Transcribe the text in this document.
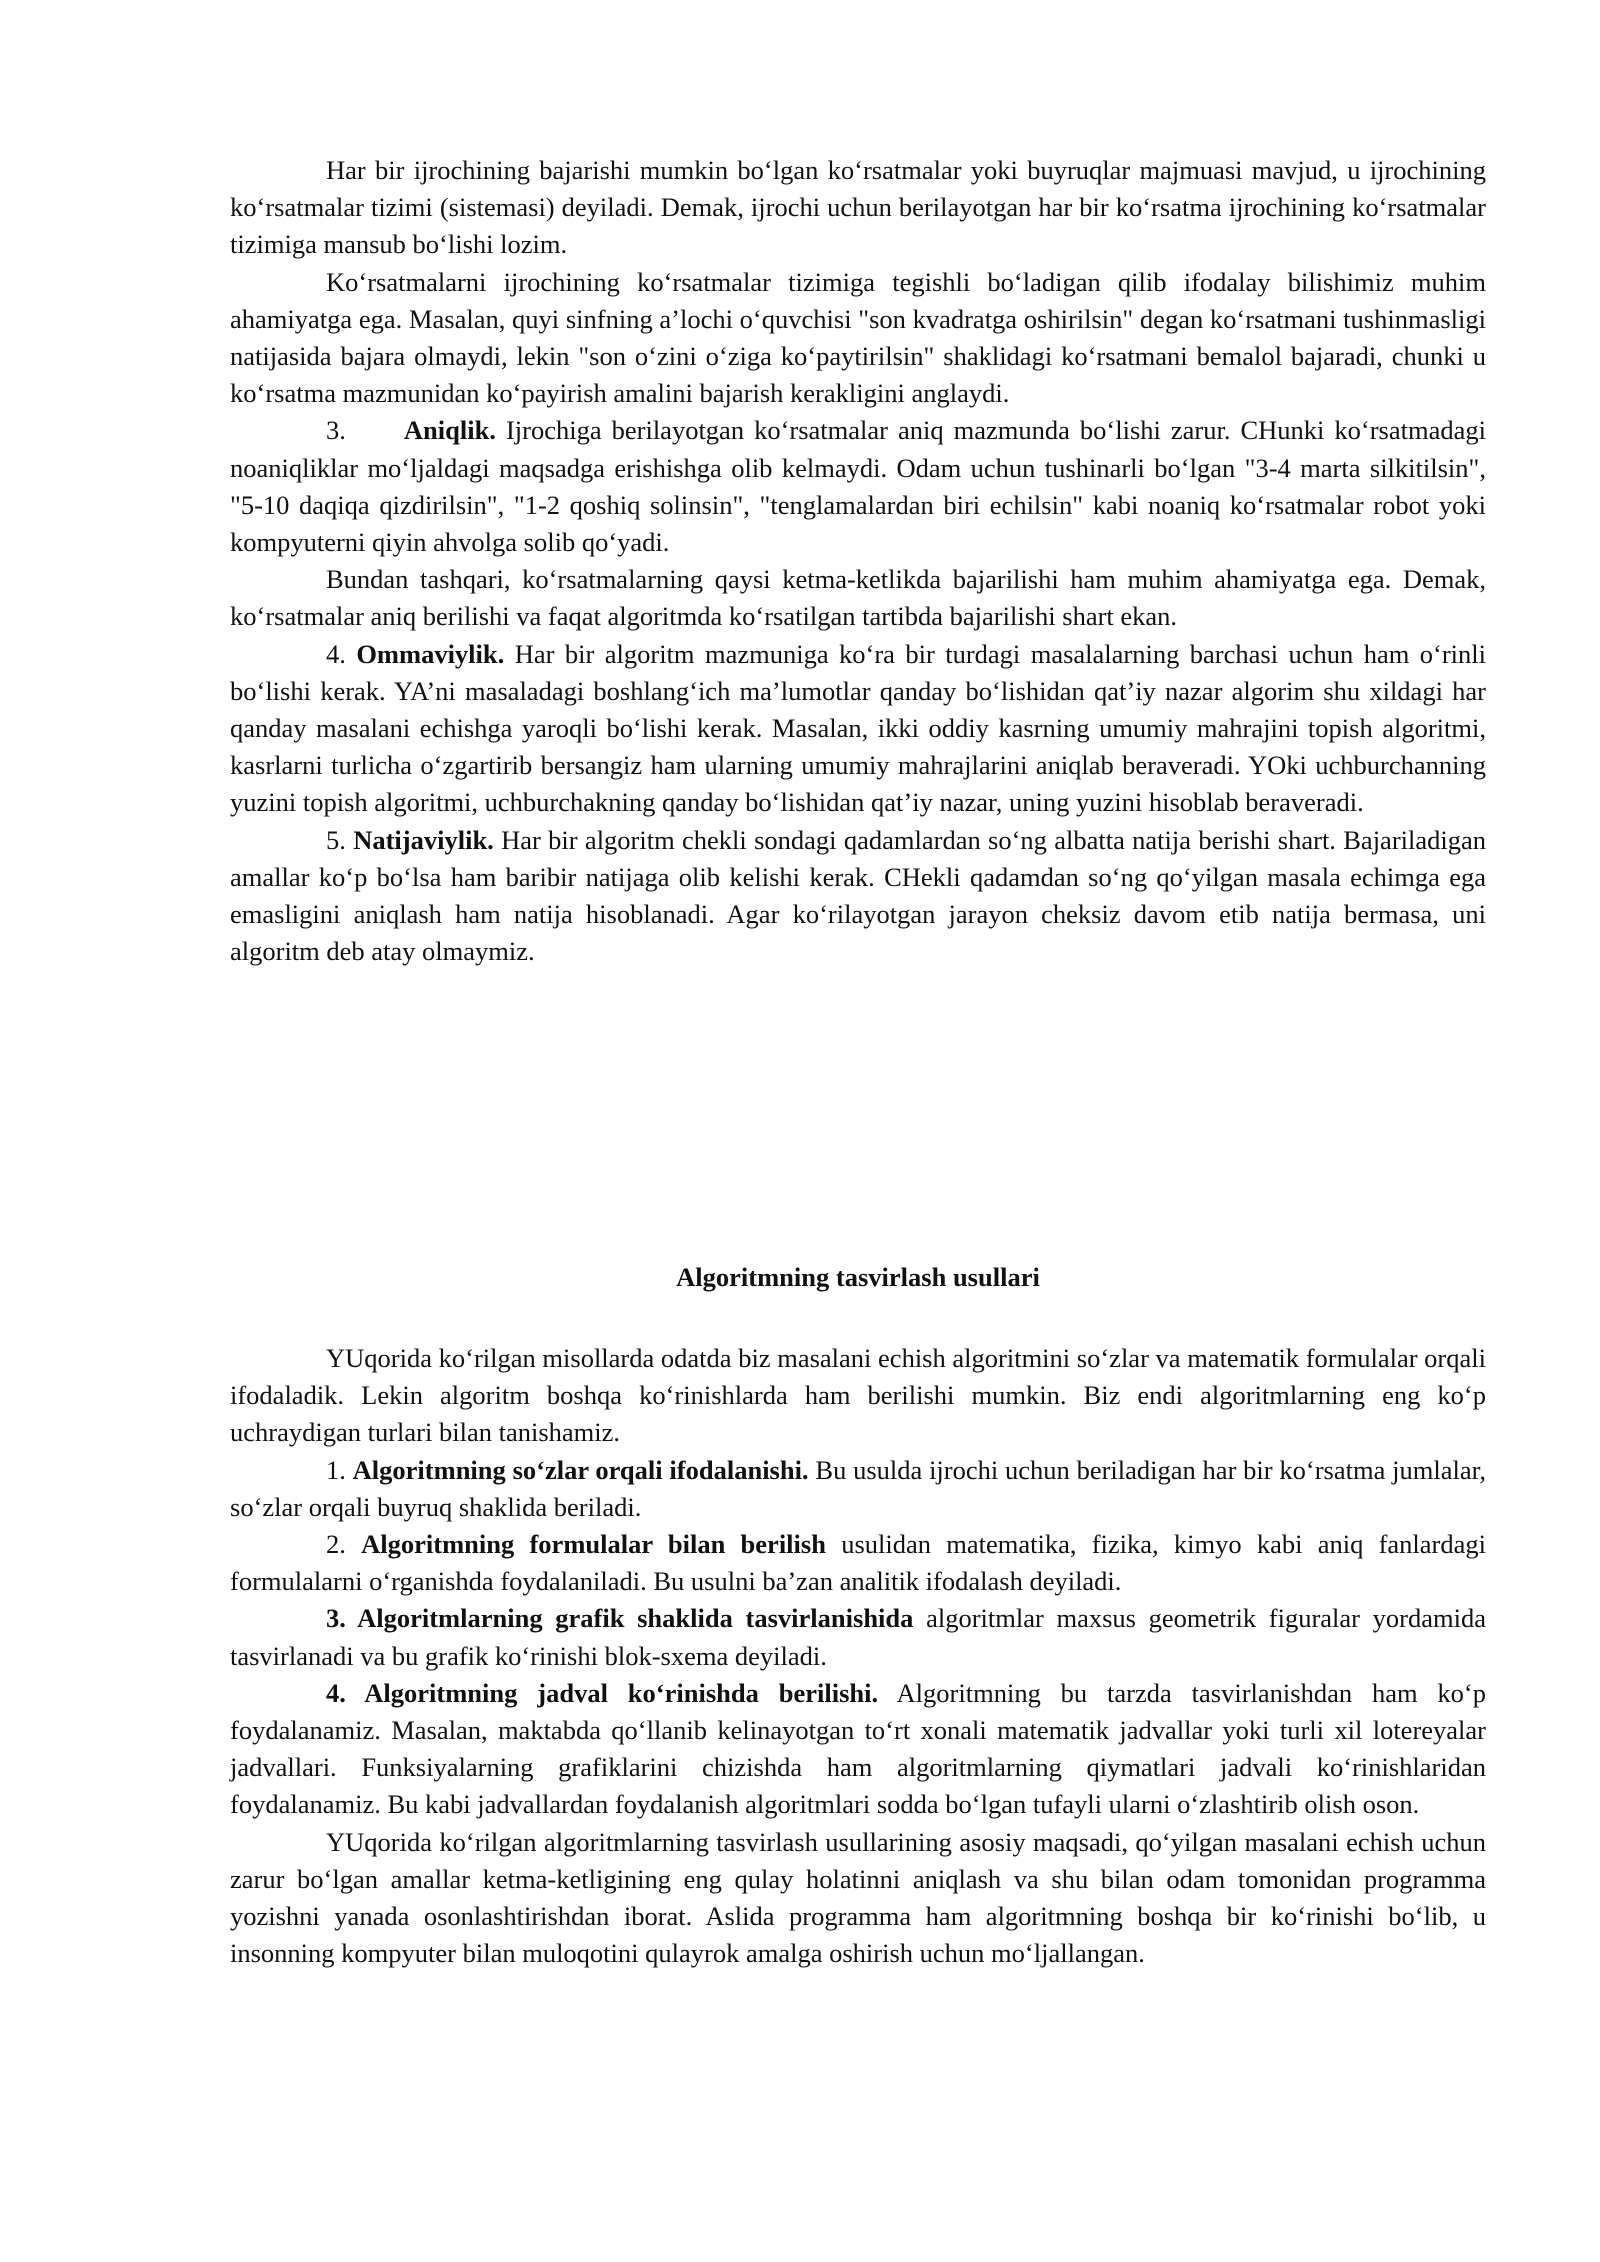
Har bir ijrochining bajarishi mumkin bo‘lgan ko‘rsatmalar yoki buyruqlar majmuasi mavjud, u ijrochining ko‘rsatmalar tizimi (sistemasi) deyiladi. Demak, ijrochi uchun berilayotgan har bir ko‘rsatma ijrochining ko‘rsatmalar tizimiga mansub bo‘lishi lozim.

Ko‘rsatmalarni ijrochining ko‘rsatmalar tizimiga tegishli bo‘ladigan qilib ifodalay bilishimiz muhim ahamiyatga ega. Masalan, quyi sinfning a’lochi o‘quvchisi "son kvadratga oshirilsin" degan ko‘rsatmani tushinmasligi natijasida bajara olmaydi, lekin "son o‘zini o‘ziga ko‘paytirilsin" shaklidagi ko‘rsatmani bemalol bajaradi, chunki u ko‘rsatma mazmunidan ko‘payirish amalini bajarish kerakligini anglaydi.

3. Aniqlik. Ijrochiga berilayotgan ko‘rsatmalar aniq mazmunda bo‘lishi zarur. CHunki ko‘rsatmadagi noaniqliklar mo‘ljaldagi maqsadga erishishga olib kelmaydi. Odam uchun tushinarli bo‘lgan "3-4 marta silkitilsin", "5-10 daqiqa qizdirilsin", "1-2 qoshiq solinsin", "tenglamalardan biri echilsin" kabi noaniq ko‘rsatmalar robot yoki kompyuterni qiyin ahvolga solib qo‘yadi.

Bundan tashqari, ko‘rsatmalarning qaysi ketma-ketlikda bajarilishi ham muhim ahamiyatga ega. Demak, ko‘rsatmalar aniq berilishi va faqat algoritmda ko‘rsatilgan tartibda bajarilishi shart ekan.

4. Ommaviylik. Har bir algoritm mazmuniga ko‘ra bir turdagi masalalarning barchasi uchun ham o‘rinli bo‘lishi kerak. YA’ni masaladagi boshlang‘ich ma’lumotlar qanday bo‘lishidan qat’iy nazar algorim shu xildagi har qanday masalani echishga yaroqli bo‘lishi kerak. Masalan, ikki oddiy kasrning umumiy mahrajini topish algoritmi, kasrlarni turlicha o‘zgartirib bersangiz ham ularning umumiy mahrajlarini aniqlab beraveradi. YOki uchburchanning yuzini topish algoritmi, uchburchakning qanday bo‘lishidan qat’iy nazar, uning yuzini hisoblab beraveradi.

5. Natijaviylik. Har bir algoritm chekli sondagi qadamlardan so‘ng albatta natija berishi shart. Bajariladigan amallar ko‘p bo‘lsa ham baribir natijaga olib kelishi kerak. CHekli qadamdan so‘ng qo‘yilgan masala echimga ega emasligini aniqlash ham natija hisoblanadi. Agar ko‘rilayotgan jarayon cheksiz davom etib natija bermasa, uni algoritm deb atay olmaymiz.

Algoritmning tasvirlash usullari

YUqorida ko‘rilgan misollarda odatda biz masalani echish algoritmini so‘zlar va matematik formulalar orqali ifodaladik. Lekin algoritm boshqa ko‘rinishlarda ham berilishi mumkin. Biz endi algoritmlarning eng ko‘p uchraydigan turlari bilan tanishamiz.

1. Algoritmning so‘zlar orqali ifodalanishi. Bu usulda ijrochi uchun beriladigan har bir ko‘rsatma jumlalar, so‘zlar orqali buyruq shaklida beriladi.

2. Algoritmning formulalar bilan berilish usulidan matematika, fizika, kimyo kabi aniq fanlardagi formulalarni o‘rganishda foydalaniladi. Bu usulni ba’zan analitik ifodalash deyiladi.

3. Algoritmlarning grafik shaklida tasvirlanishida algoritmlar maxsus geometrik figuralar yordamida tasvirlanadi va bu grafik ko‘rinishi blok-sxema deyiladi.

4. Algoritmning jadval ko‘rinishda berilishi. Algoritmning bu tarzda tasvirlanishdan ham ko‘p foydalanamiz. Masalan, maktabda qo‘llanib kelinayotgan to‘rt xonali matematik jadvallar yoki turli xil lotereyalar jadvallari. Funksiyalarning grafiklarini chizishda ham algoritmlarning qiymatlari jadvali ko‘rinishlaridan foydalanamiz. Bu kabi jadvallardan foydalanish algoritmlari sodda bo‘lgan tufayli ularni o‘zlashtirib olish oson.

YUqorida ko‘rilgan algoritmlarning tasvirlash usullarining asosiy maqsadi, qo‘yilgan masalani echish uchun zarur bo‘lgan amallar ketma-ketligining eng qulay holatinni aniqlash va shu bilan odam tomonidan programma yozishni yanada osonlashtirishdan iborat. Aslida programma ham algoritmning boshqa bir ko‘rinishi bo‘lib, u insonning kompyuter bilan muloqotini qulayrok amalga oshirish uchun mo‘ljallangan.
